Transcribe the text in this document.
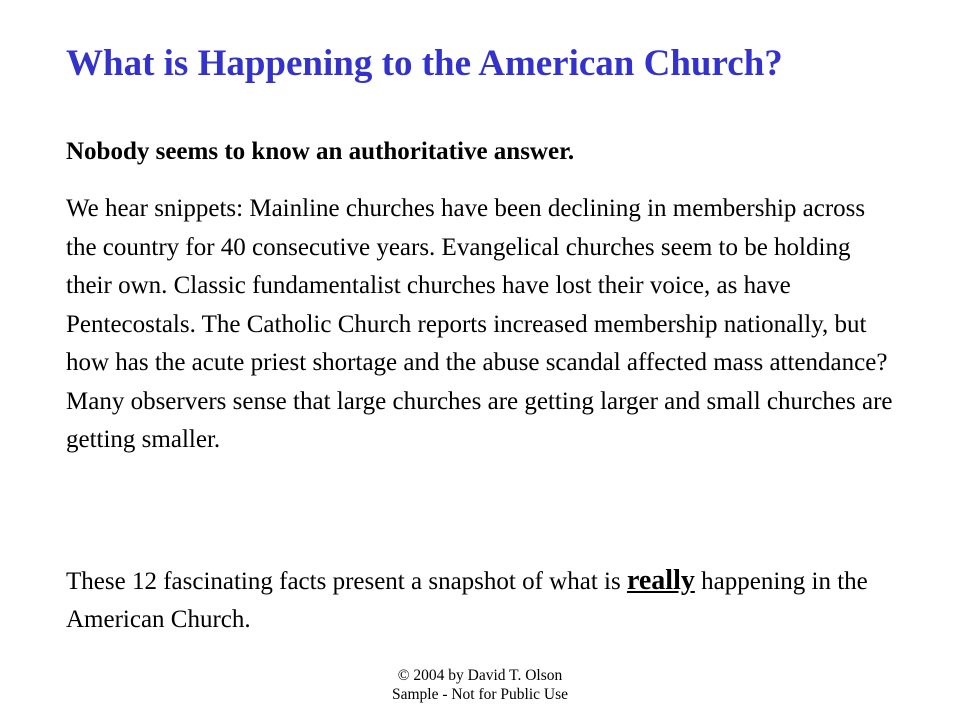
What is Happening to the American Church?
Nobody seems to know an authoritative answer.
We hear snippets: Mainline churches have been declining in membership across the country for 40 consecutive years. Evangelical churches seem to be holding their own. Classic fundamentalist churches have lost their voice, as have Pentecostals. The Catholic Church reports increased membership nationally, but how has the acute priest shortage and the abuse scandal affected mass attendance? Many observers sense that large churches are getting larger and small churches are getting smaller.
These 12 fascinating facts present a snapshot of what is really happening in the American Church.
© 2004 by David T. Olson
Sample - Not for Public Use
